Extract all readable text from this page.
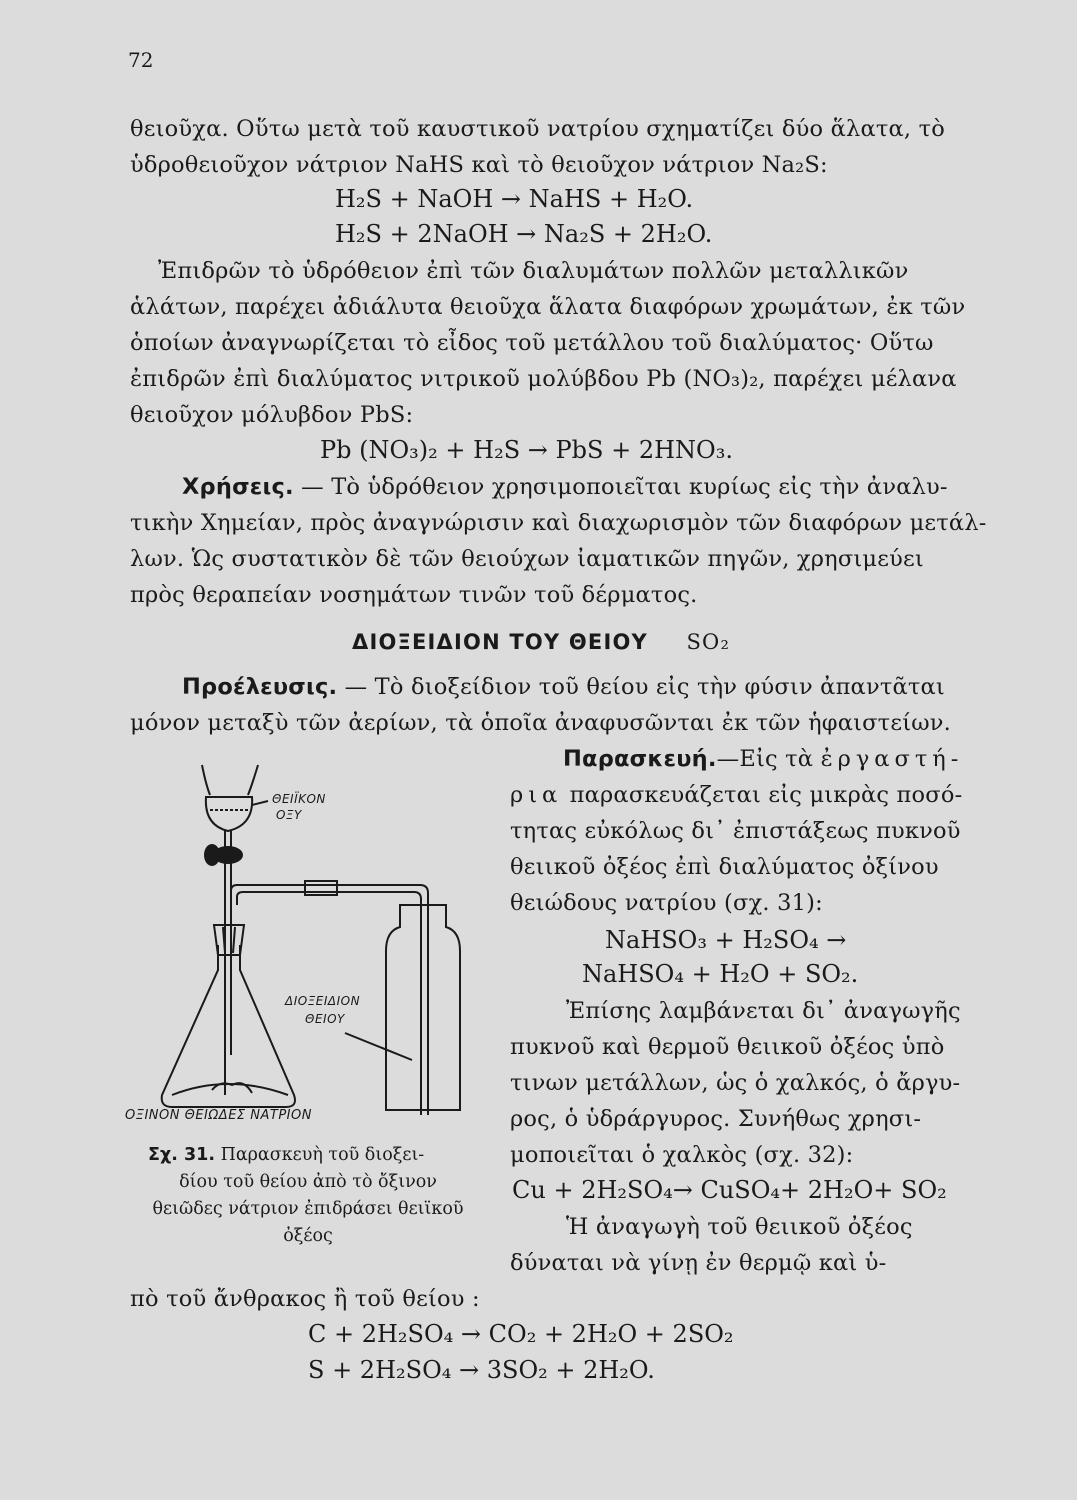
72
θειοῦχα. Οὕτω μετὰ τοῦ καυστικοῦ νατρίου σχηματίζει δύο ἅλατα, τὸ
ὑδροθειοῦχον νάτριον NaHS καὶ τὸ θειοῦχον νάτριον Na₂S:
H₂S + NaOH → NaHS + H₂O.
H₂S + 2NaOH → Na₂S + 2H₂O.
Ἐπιδρῶν τὸ ὑδρόθειον ἐπὶ τῶν διαλυμάτων πολλῶν μεταλλικῶν
ἁλάτων, παρέχει ἀδιάλυτα θειοῦχα ἅλατα διαφόρων χρωμάτων, ἐκ τῶν
ὁποίων ἀναγνωρίζεται τὸ εἶδος τοῦ μετάλλου τοῦ διαλύματος· Οὕτω
ἐπιδρῶν ἐπὶ διαλύματος νιτρικοῦ μολύβδου Pb (NO₃)₂, παρέχει μέλανα
θειοῦχον μόλυβδον PbS:
Pb (NO₃)₂ + H₂S → PbS + 2HNO₃.
Χρήσεις. — Τὸ ὑδρόθειον χρησιμοποιεῖται κυρίως εἰς τὴν ἀναλυ-
τικὴν Χημείαν, πρὸς ἀναγνώρισιν καὶ διαχωρισμὸν τῶν διαφόρων μετάλ-
λων. Ὡς συστατικὸν δὲ τῶν θειούχων ἰαματικῶν πηγῶν, χρησιμεύει
πρὸς θεραπείαν νοσημάτων τινῶν τοῦ δέρματος.
ΔΙΟΞΕΙΔΙΟΝ ΤΟΥ ΘΕΙΟΥ SO₂
Προέλευσις. — Τὸ διοξείδιον τοῦ θείου εἰς τὴν φύσιν ἀπαντᾶται
μόνον μεταξὺ τῶν ἀερίων, τὰ ὁποῖα ἀναφυσῶνται ἐκ τῶν ἡφαιστείων.
Παρασκευή.—Εἰς τὰ ἐργαστή-
ρια παρασκευάζεται εἰς μικρὰς ποσό-
τητας εὐκόλως δι᾿ ἐπιστάξεως πυκνοῦ
θειικοῦ ὀξέος ἐπὶ διαλύματος ὀξίνου
θειώδους νατρίου (σχ. 31):
NaHSO₃ + H₂SO₄ →
NaHSO₄ + H₂O + SO₂.
Ἐπίσης λαμβάνεται δι᾿ ἀναγωγῆς
πυκνοῦ καὶ θερμοῦ θειικοῦ ὀξέος ὑπὸ
τινων μετάλλων, ὡς ὁ χαλκός, ὁ ἄργυ-
ρος, ὁ ὑδράργυρος. Συνήθως χρησι-
μοποιεῖται ὁ χαλκὸς (σχ. 32):
Cu + 2H₂SO₄→ CuSO₄+ 2H₂O+ SO₂
Ἡ ἀναγωγὴ τοῦ θειικοῦ ὀξέος
δύναται νὰ γίνῃ ἐν θερμῷ καὶ ὑ-
πὸ τοῦ ἄνθρακος ἢ τοῦ θείου :
C + 2H₂SO₄ → CO₂ + 2H₂O + 2SO₂
S + 2H₂SO₄ → 3SO₂ + 2H₂O.
ΘΕΙΪΚΟΝ
ΟΞΥ
ΔΙΟΞΕΙΔΙΟΝ
ΘΕΙΟΥ
ΟΞΙΝΟΝ ΘΕΙΩΔΕΣ ΝΑΤΡΙΟΝ
Σχ. 31. Παρασκευὴ τοῦ διοξει-
δίου τοῦ θείου ἀπὸ τὸ ὄξινον
θειῶδες νάτριον ἐπιδράσει θειϊκοῦ
ὀξέος
